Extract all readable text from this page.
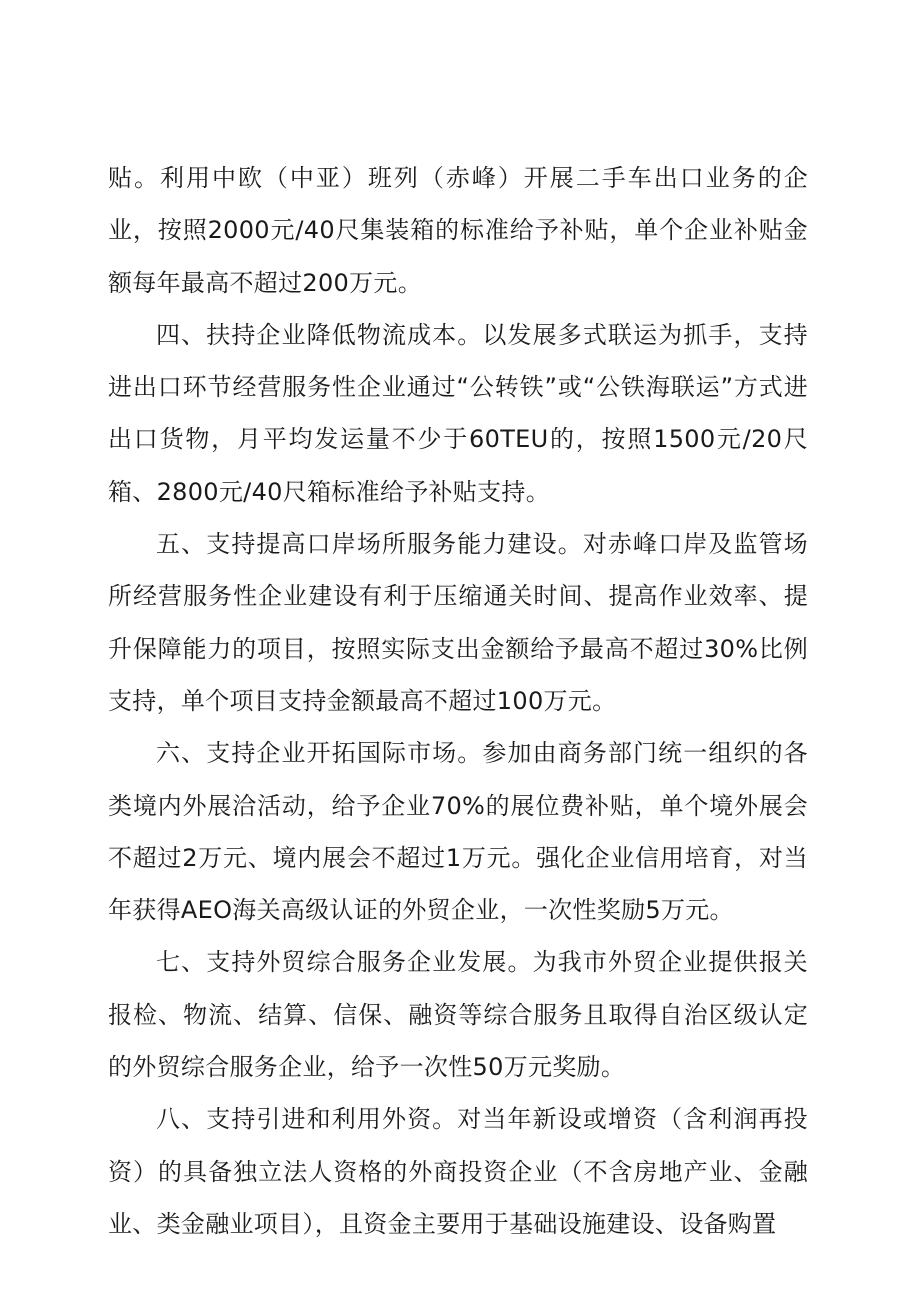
贴。利用中欧（中亚）班列（赤峰）开展二手车出口业务的企业，按照2000元/40尺集装箱的标准给予补贴，单个企业补贴金额每年最高不超过200万元。

四、扶持企业降低物流成本。以发展多式联运为抓手，支持进出口环节经营服务性企业通过“公转铁”或“公铁海联运”方式进出口货物，月平均发运量不少于60TEU的，按照1500元/20尺箱、2800元/40尺箱标准给予补贴支持。

五、支持提高口岸场所服务能力建设。对赤峰口岸及监管场所经营服务性企业建设有利于压缩通关时间、提高作业效率、提升保障能力的项目，按照实际支出金额给予最高不超过30%比例支持，单个项目支持金额最高不超过100万元。

六、支持企业开拓国际市场。参加由商务部门统一组织的各类境内外展洽活动，给予企业70%的展位费补贴，单个境外展会不超过2万元、境内展会不超过1万元。强化企业信用培育，对当年获得AEO海关高级认证的外贸企业，一次性奖励5万元。

七、支持外贸综合服务企业发展。为我市外贸企业提供报关报检、物流、结算、信保、融资等综合服务且取得自治区级认定的外贸综合服务企业，给予一次性50万元奖励。

八、支持引进和利用外资。对当年新设或增资（含利润再投资）的具备独立法人资格的外商投资企业（不含房地产业、金融业、类金融业项目），且资金主要用于基础设施建设、设备购置
